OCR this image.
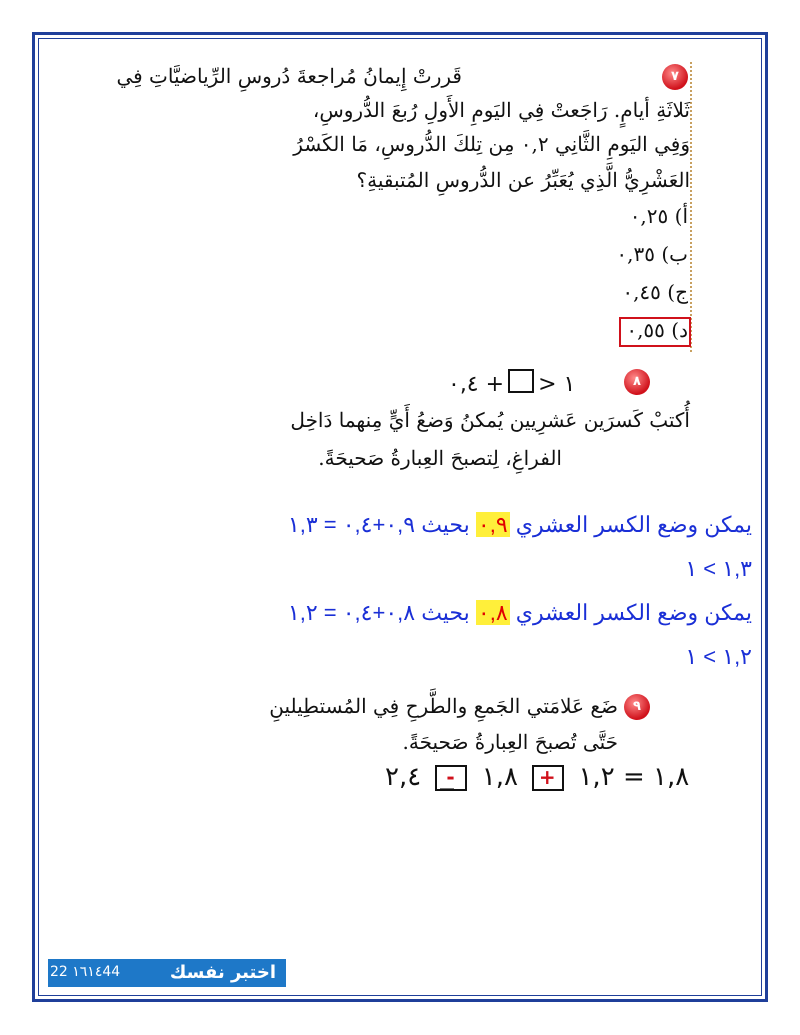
٧
قَررتْ إِيمانُ مُراجعةَ دُروسِ الرِّياضيَّاتِ فِي
ثَلاثَةِ أيامٍ. رَاجَعتْ فِي اليَومِ الأَولِ رُبعَ الدُّروسِ،
وَفِي اليَومِ الثَّانِي ٠,٢ مِن تِلكَ الدُّروسِ، مَا الكَسْرُ
العَشْرِيُّ الَّذِي يُعَبِّرُ عن الدُّروسِ المُتبقيةِ؟
أ) ٠,٢٥
ب) ٠,٣٥
ج) ٠,٤٥
د) ٠,٥٥
٨
١ <+ ٠,٤
أُكتبْ كَسرَين عَشرِيين يُمكنُ وَضعُ أَيٍّ مِنهما دَاخِل
الفراغِ، لِتصبحَ العِبارةُ صَحيحَةً.
يمكن وضع الكسر العشري ٠,٩ بحيث ٠,٩+٠,٤ = ١,٣
١,٣ > ١
يمكن وضع الكسر العشري ٠,٨ بحيث ٠,٨+٠,٤ = ١,٢
١,٢ > ١
٩
ضَع عَلامَتي الجَمعِ والطَّرحِ فِي المُستطِيلينِ
حَتَّى تُصبحَ العِبارةُ صَحيحَةً.
١,٨ = ١,٢ + ١,٨ - ٢,٤
22 ١٦١٤44	اختبر نفسك
